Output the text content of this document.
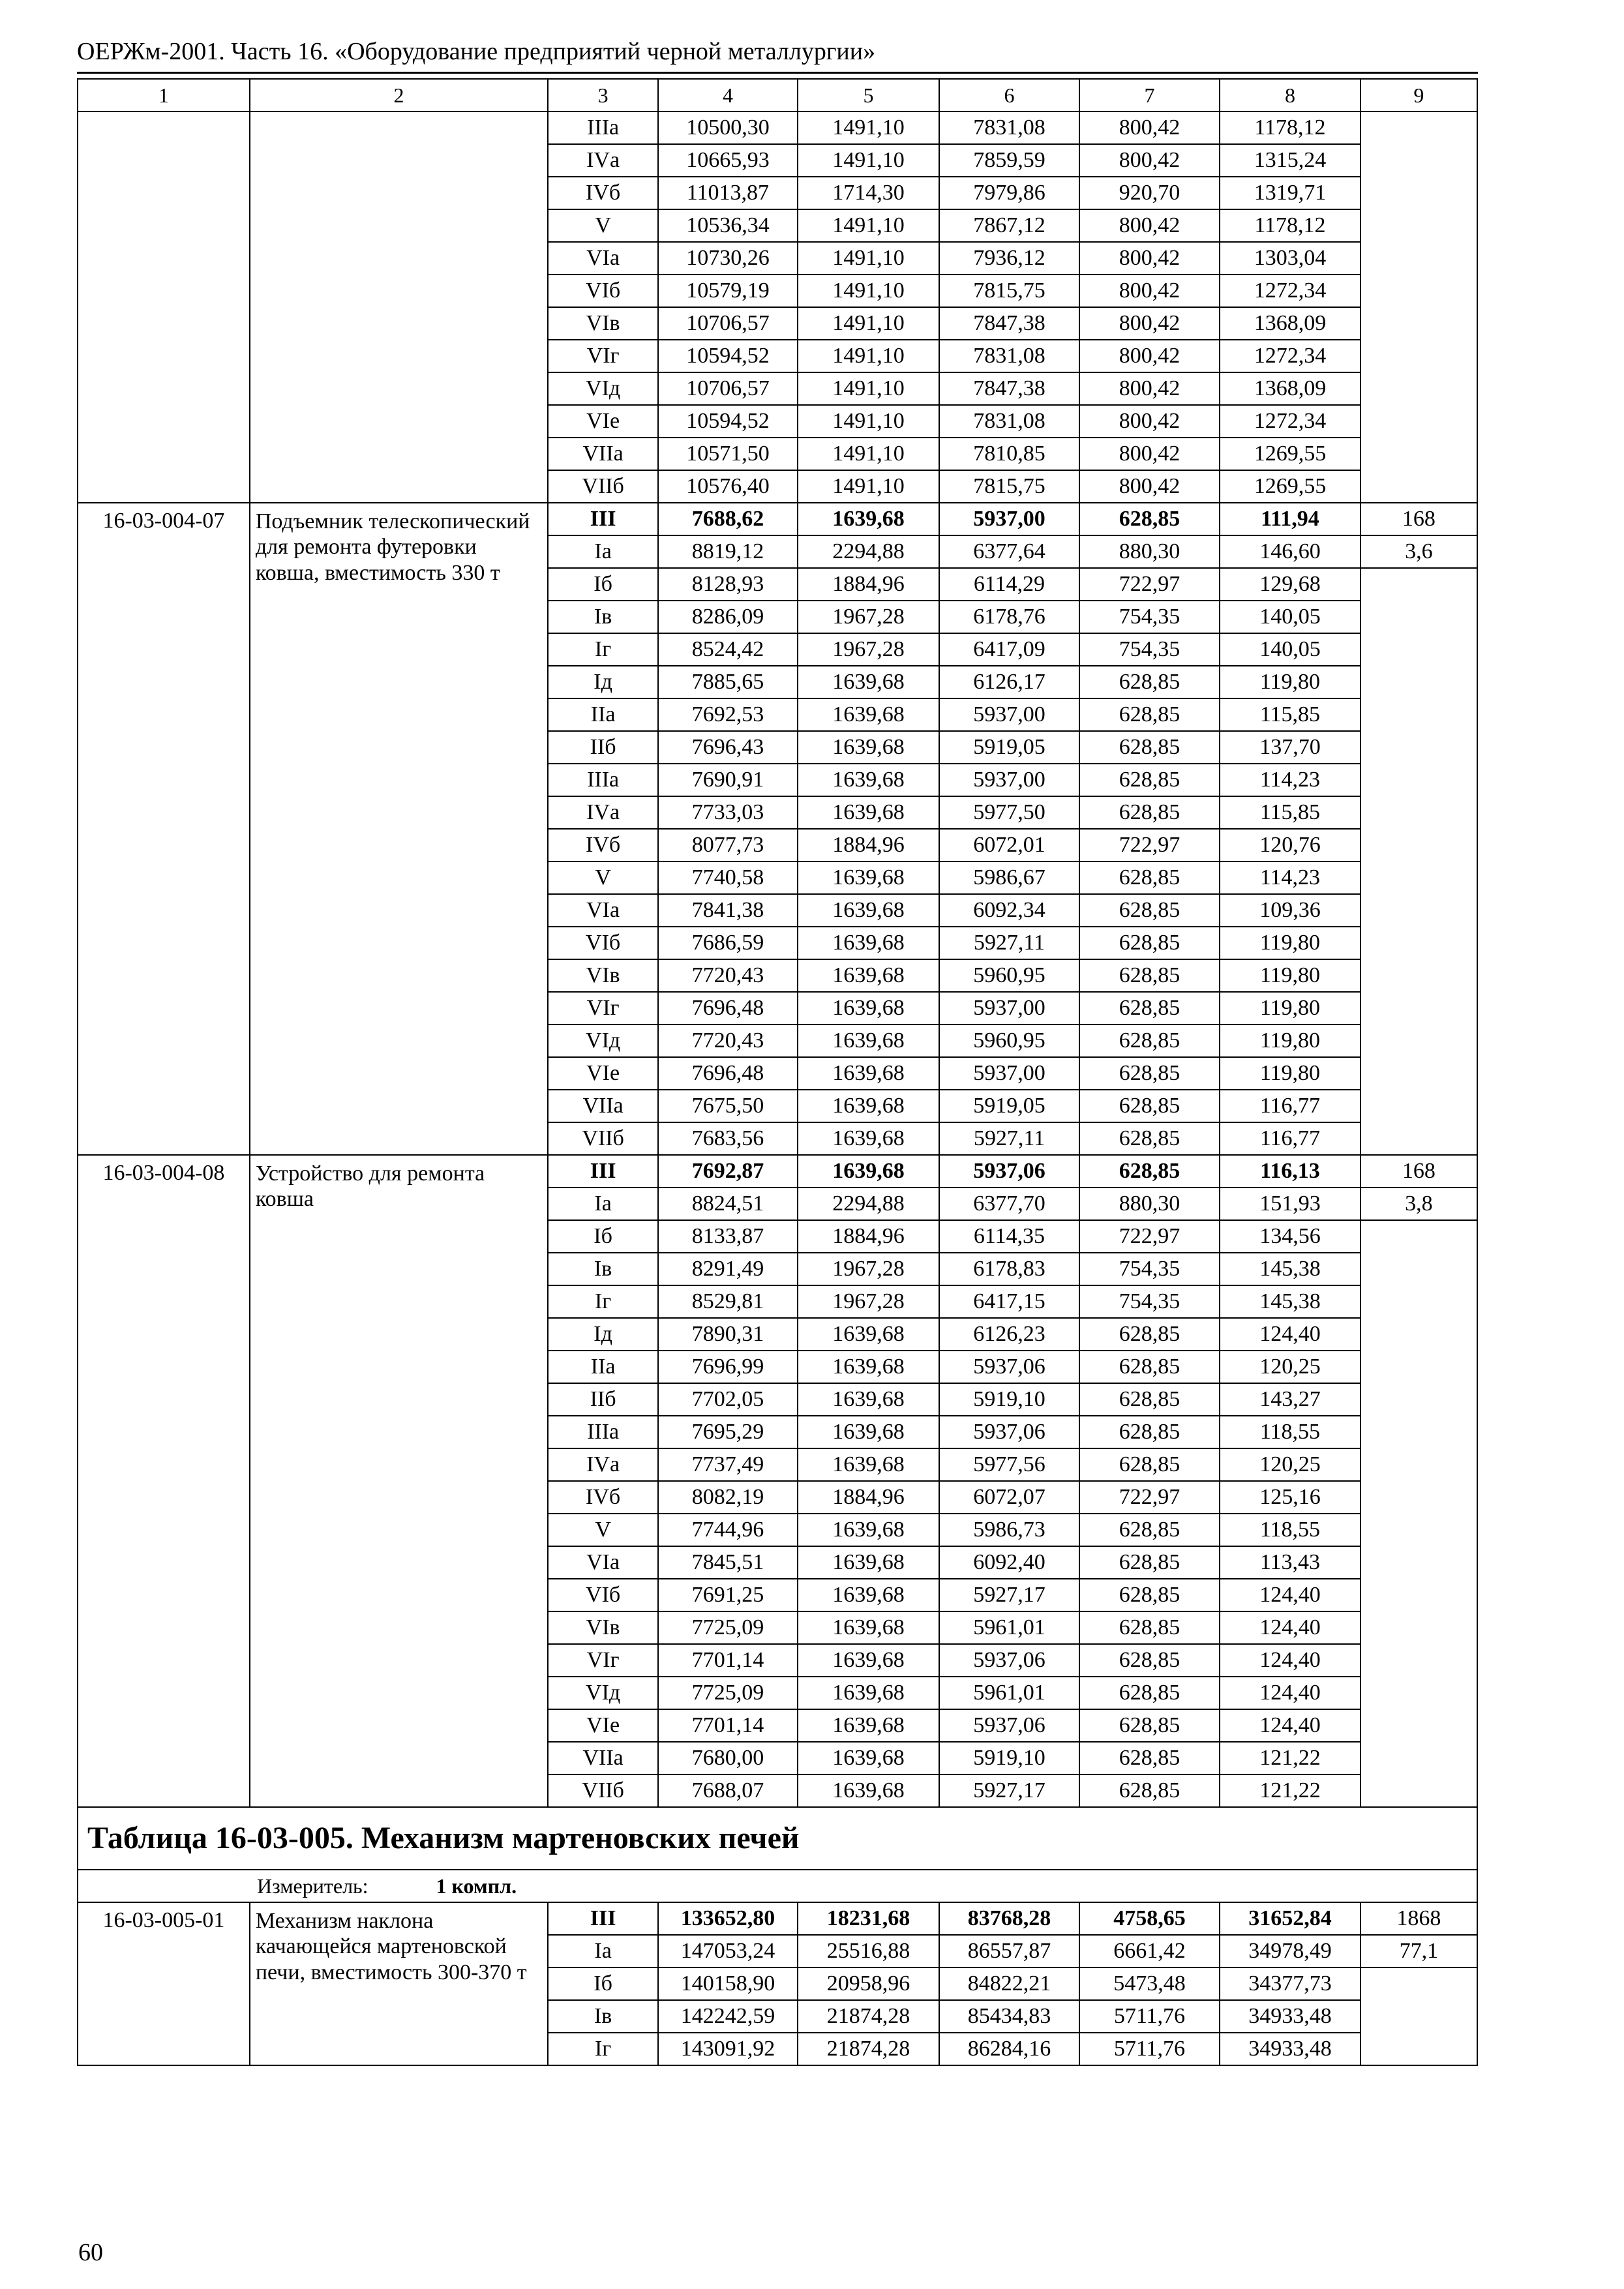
ОЕРЖм-2001. Часть 16. «Оборудование предприятий черной металлургии»
1	2	3	4	5	6	7	8	9
		IIIа	10500,30	1491,10	7831,08	800,42	1178,12	
		IVа	10665,93	1491,10	7859,59	800,42	1315,24	
		IVб	11013,87	1714,30	7979,86	920,70	1319,71	
		V	10536,34	1491,10	7867,12	800,42	1178,12	
		VIа	10730,26	1491,10	7936,12	800,42	1303,04	
		VIб	10579,19	1491,10	7815,75	800,42	1272,34	
		VIв	10706,57	1491,10	7847,38	800,42	1368,09	
		VIг	10594,52	1491,10	7831,08	800,42	1272,34	
		VIд	10706,57	1491,10	7847,38	800,42	1368,09	
		VIе	10594,52	1491,10	7831,08	800,42	1272,34	
		VIIа	10571,50	1491,10	7810,85	800,42	1269,55	
		VIIб	10576,40	1491,10	7815,75	800,42	1269,55	
16-03-004-07	Подъемник телескопический для ремонта футеровки ковша, вместимость 330 т	III	7688,62	1639,68	5937,00	628,85	111,94	168
		Iа	8819,12	2294,88	6377,64	880,30	146,60	3,6
		Iб	8128,93	1884,96	6114,29	722,97	129,68	
		Iв	8286,09	1967,28	6178,76	754,35	140,05	
		Iг	8524,42	1967,28	6417,09	754,35	140,05	
		Iд	7885,65	1639,68	6126,17	628,85	119,80	
		IIа	7692,53	1639,68	5937,00	628,85	115,85	
		IIб	7696,43	1639,68	5919,05	628,85	137,70	
		IIIа	7690,91	1639,68	5937,00	628,85	114,23	
		IVа	7733,03	1639,68	5977,50	628,85	115,85	
		IVб	8077,73	1884,96	6072,01	722,97	120,76	
		V	7740,58	1639,68	5986,67	628,85	114,23	
		VIа	7841,38	1639,68	6092,34	628,85	109,36	
		VIб	7686,59	1639,68	5927,11	628,85	119,80	
		VIв	7720,43	1639,68	5960,95	628,85	119,80	
		VIг	7696,48	1639,68	5937,00	628,85	119,80	
		VIд	7720,43	1639,68	5960,95	628,85	119,80	
		VIе	7696,48	1639,68	5937,00	628,85	119,80	
		VIIа	7675,50	1639,68	5919,05	628,85	116,77	
		VIIб	7683,56	1639,68	5927,11	628,85	116,77	
16-03-004-08	Устройство для ремонта ковша	III	7692,87	1639,68	5937,06	628,85	116,13	168
		Iа	8824,51	2294,88	6377,70	880,30	151,93	3,8
		Iб	8133,87	1884,96	6114,35	722,97	134,56	
		Iв	8291,49	1967,28	6178,83	754,35	145,38	
		Iг	8529,81	1967,28	6417,15	754,35	145,38	
		Iд	7890,31	1639,68	6126,23	628,85	124,40	
		IIа	7696,99	1639,68	5937,06	628,85	120,25	
		IIб	7702,05	1639,68	5919,10	628,85	143,27	
		IIIа	7695,29	1639,68	5937,06	628,85	118,55	
		IVа	7737,49	1639,68	5977,56	628,85	120,25	
		IVб	8082,19	1884,96	6072,07	722,97	125,16	
		V	7744,96	1639,68	5986,73	628,85	118,55	
		VIа	7845,51	1639,68	6092,40	628,85	113,43	
		VIб	7691,25	1639,68	5927,17	628,85	124,40	
		VIв	7725,09	1639,68	5961,01	628,85	124,40	
		VIг	7701,14	1639,68	5937,06	628,85	124,40	
		VIд	7725,09	1639,68	5961,01	628,85	124,40	
		VIе	7701,14	1639,68	5937,06	628,85	124,40	
		VIIа	7680,00	1639,68	5919,10	628,85	121,22	
		VIIб	7688,07	1639,68	5927,17	628,85	121,22	
Таблица 16-03-005. Механизм мартеновских печей								
Измеритель: 1 компл.								
16-03-005-01	Механизм наклона качающейся мартеновской печи, вместимость 300-370 т	III	133652,80	18231,68	83768,28	4758,65	31652,84	1868
		Iа	147053,24	25516,88	86557,87	6661,42	34978,49	77,1
		Iб	140158,90	20958,96	84822,21	5473,48	34377,73	
		Iв	142242,59	21874,28	85434,83	5711,76	34933,48	
		Iг	143091,92	21874,28	86284,16	5711,76	34933,48	
60
